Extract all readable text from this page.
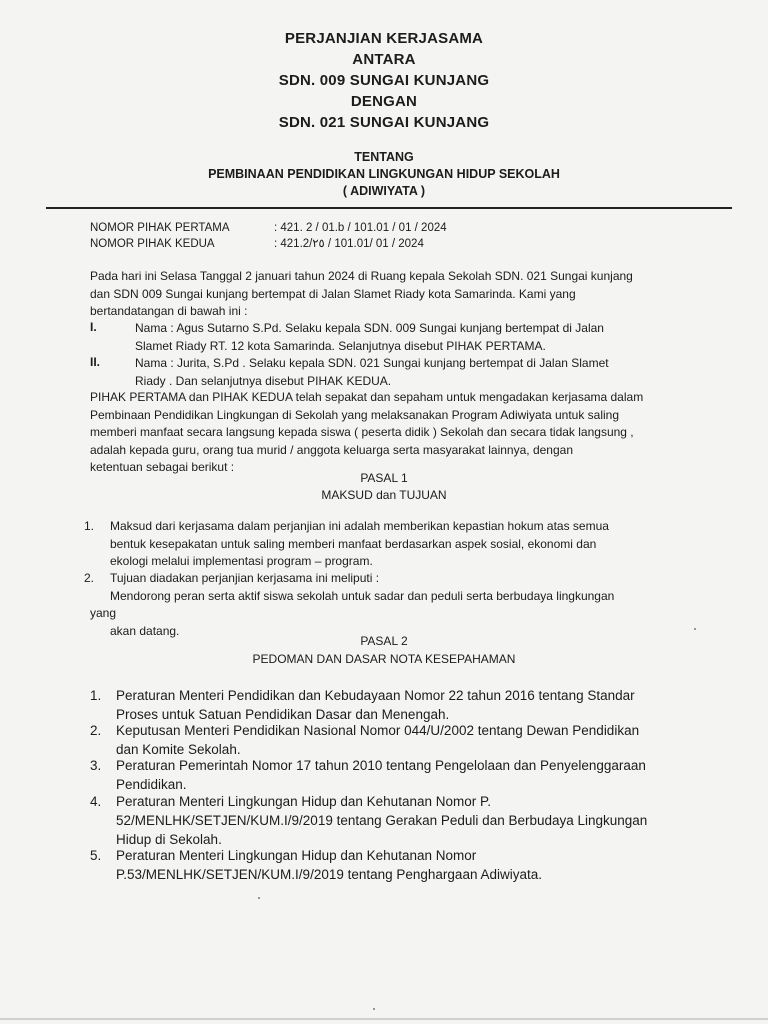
PERJANJIAN KERJASAMA
ANTARA
SDN. 009 SUNGAI KUNJANG
DENGAN
SDN. 021 SUNGAI KUNJANG
TENTANG
PEMBINAAN PENDIDIKAN LINGKUNGAN HIDUP SEKOLAH
( ADIWIYATA )
NOMOR PIHAK PERTAMA	: 421. 2 / 01.b / 101.01 / 01 / 2024
NOMOR PIHAK KEDUA	: 421.2/٢٥ / 101.01/ 01 / 2024
Pada hari ini Selasa Tanggal 2 januari tahun 2024 di Ruang kepala Sekolah SDN. 021 Sungai kunjang
dan SDN 009 Sungai kunjang bertempat di Jalan Slamet Riady kota Samarinda. Kami yang
bertandatangan di bawah ini :
I.	Nama : Agus Sutarno S.Pd. Selaku kepala SDN. 009 Sungai kunjang bertempat di Jalan
Slamet Riady RT. 12 kota Samarinda. Selanjutnya disebut PIHAK PERTAMA.
II.	Nama : Jurita, S.Pd . Selaku kepala SDN. 021 Sungai kunjang bertempat di Jalan Slamet
Riady . Dan selanjutnya disebut PIHAK KEDUA.
PIHAK PERTAMA dan PIHAK KEDUA telah sepakat dan sepaham untuk mengadakan kerjasama dalam
Pembinaan Pendidikan Lingkungan di Sekolah yang melaksanakan Program Adiwiyata untuk saling
memberi manfaat secara langsung kepada siswa ( peserta didik ) Sekolah dan secara tidak langsung ,
adalah kepada guru, orang tua murid / anggota keluarga serta masyarakat lainnya, dengan
ketentuan sebagai berikut :
PASAL 1
MAKSUD dan TUJUAN
1. Maksud dari kerjasama dalam perjanjian ini adalah memberikan kepastian hokum atas semua
bentuk kesepakatan untuk saling memberi manfaat berdasarkan aspek sosial, ekonomi dan
ekologi melalui implementasi program – program.
2. Tujuan diadakan perjanjian kerjasama ini meliputi :
Mendorong peran serta aktif siswa sekolah untuk sadar dan peduli serta berbudaya lingkungan
yang
akan datang.
PASAL 2
PEDOMAN DAN DASAR NOTA KESEPAHAMAN
1. Peraturan Menteri Pendidikan dan Kebudayaan Nomor 22 tahun 2016 tentang Standar
Proses untuk Satuan Pendidikan Dasar dan Menengah.
2. Keputusan Menteri Pendidikan Nasional Nomor 044/U/2002 tentang Dewan Pendidikan
dan Komite Sekolah.
3. Peraturan Pemerintah Nomor 17 tahun 2010 tentang Pengelolaan dan Penyelenggaraan
Pendidikan.
4. Peraturan Menteri Lingkungan Hidup dan Kehutanan Nomor P.
52/MENLHK/SETJEN/KUM.I/9/2019 tentang Gerakan Peduli dan Berbudaya Lingkungan
Hidup di Sekolah.
5. Peraturan Menteri Lingkungan Hidup dan Kehutanan Nomor
P.53/MENLHK/SETJEN/KUM.I/9/2019 tentang Penghargaan Adiwiyata.
